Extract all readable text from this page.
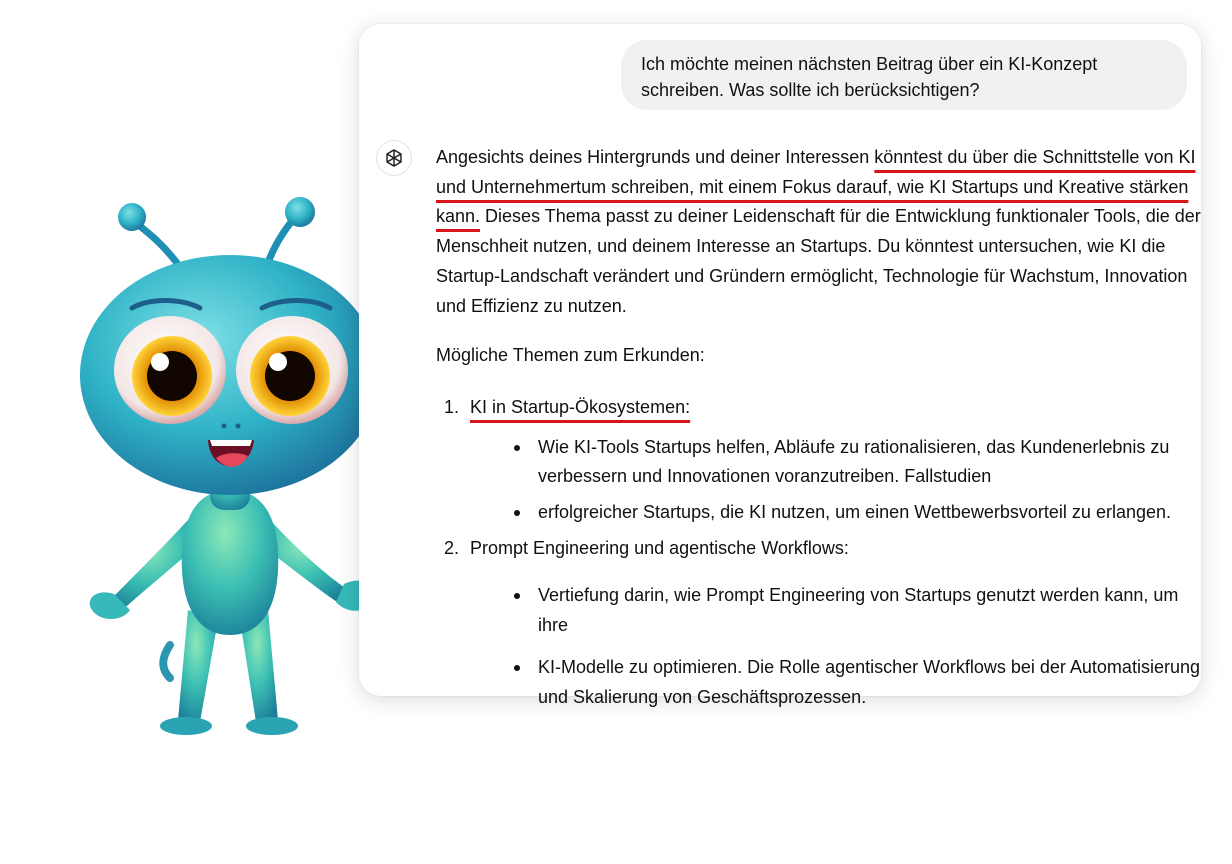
Ich möchte meinen nächsten Beitrag über ein KI-Konzept schreiben. Was sollte ich berücksichtigen?

Angesichts deines Hintergrunds und deiner Interessen könntest du über die Schnittstelle von KI und Unternehmertum schreiben, mit einem Fokus darauf, wie KI Startups und Kreative stärken kann. Dieses Thema passt zu deiner Leidenschaft für die Entwicklung funktionaler Tools, die der Menschheit nutzen, und deinem Interesse an Startups. Du könntest untersuchen, wie KI die Startup-Landschaft verändert und Gründern ermöglicht, Technologie für Wachstum, Innovation und Effizienz zu nutzen.

Mögliche Themen zum Erkunden:

1. KI in Startup-Ökosystemen:
Wie KI-Tools Startups helfen, Abläufe zu rationalisieren, das Kundenerlebnis zu verbessern und Innovationen voranzutreiben. Fallstudien
erfolgreicher Startups, die KI nutzen, um einen Wettbewerbsvorteil zu erlangen.
2. Prompt Engineering und agentische Workflows:
Vertiefung darin, wie Prompt Engineering von Startups genutzt werden kann, um ihre
KI-Modelle zu optimieren. Die Rolle agentischer Workflows bei der Automatisierung und Skalierung von Geschäftsprozessen.
